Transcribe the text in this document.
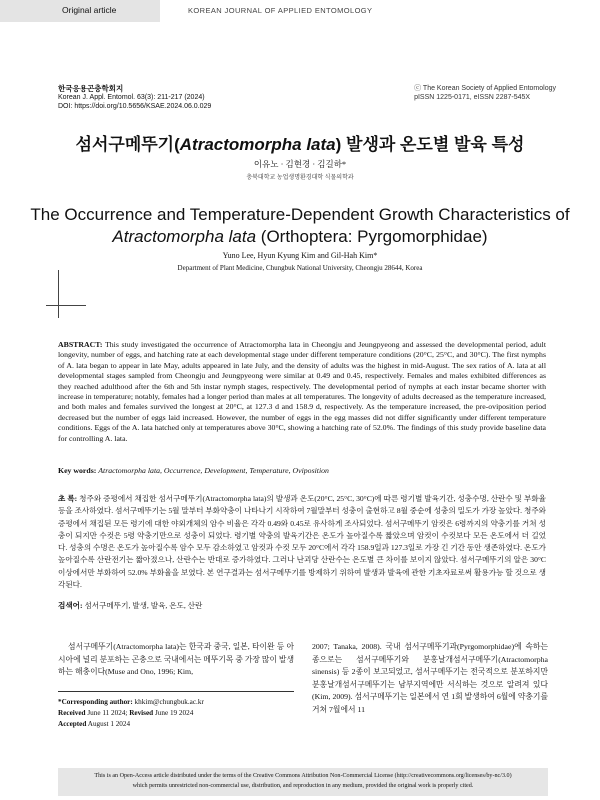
Original article	KOREAN JOURNAL OF APPLIED ENTOMOLOGY
한국응용곤충학회지
Korean J. Appl. Entomol. 63(3): 211-217 (2024)
DOI: https://doi.org/10.5656/KSAE.2024.06.0.029
ⓒ The Korean Society of Applied Entomology
pISSN 1225-0171, eISSN 2287-545X
섬서구메뚜기(Atractomorpha lata) 발생과 온도별 발육 특성
이유노 · 김현경 · 김길하*
충북대학교 농업생명환경대학 식물의학과
The Occurrence and Temperature-Dependent Growth Characteristics of
Atractomorpha lata (Orthoptera: Pyrgomorphidae)
Yuno Lee, Hyun Kyung Kim and Gil-Hah Kim*
Department of Plant Medicine, Chungbuk National University, Cheongju 28644, Korea
ABSTRACT: This study investigated the occurrence of Atractomorpha lata in Cheongju and Jeungpyeong and assessed the developmental period, adult longevity, number of eggs, and hatching rate at each developmental stage under different temperature conditions (20°C, 25°C, and 30°C). The first nymphs of A. lata began to appear in late May, adults appeared in late July, and the density of adults was the highest in mid-August. The sex ratios of A. lata at all developmental stages sampled from Cheongju and Jeungpyeong were similar at 0.49 and 0.45, respectively. Females and males exhibited differences as they reached adulthood after the 6th and 5th instar nymph stages, respectively. The developmental period of nymphs at each instar became shorter with increase in temperature; notably, females had a longer period than males at all temperatures. The longevity of adults decreased as the temperature increased, and both males and females survived the longest at 20°C, at 127.3 d and 158.9 d, respectively. As the temperature increased, the pre-oviposition period decreased but the number of eggs laid increased. However, the number of eggs in the egg masses did not differ significantly under different temperature conditions. Eggs of the A. lata hatched only at temperatures above 30°C, showing a hatching rate of 52.0%. The findings of this study provide baseline data for controlling A. lata.
Key words: Atractomorpha lata, Occurrence, Development, Temperature, Oviposition
초 록: 청주와 증평에서 채집한 섬서구메뚜기(Atractomorpha lata)의 발생과 온도(20°C, 25°C, 30°C)에 따른 령기별 발육기간, 성충수명, 산란수 및 부화율 등을 조사하였다. 섬서구메뚜기는 5월 말부터 부화약충이 나타나기 시작하여 7월말부터 성충이 출현하고 8월 중순에 성충의 밀도가 가장 높았다. 청주와 증평에서 채집된 모든 령기에 대한 야외개체의 암수 비율은 각각 0.49와 0.45로 유사하게 조사되었다. 섬서구메뚜기 암컷은 6령까지의 약충기를 거쳐 성충이 되지만 수컷은 5령 약충기만으로 성충이 되었다. 령기별 약충의 발육기간은 온도가 높아질수록 짧았으며 암컷이 수컷보다 모든 온도에서 더 길었다. 성충의 수명은 온도가 높아질수록 암수 모두 감소하였고 암컷과 수컷 모두 20°C에서 각각 158.9일과 127.3일로 가장 긴 기간 동안 생존하였다. 온도가 높아질수록 산란전기는 짧아졌으나, 산란수는 반대로 증가하였다. 그러나 난괴당 산란수는 온도별 큰 차이를 보이지 않았다. 섬서구메뚜기의 알은 30°C이상에서만 부화하여 52.0% 부화율을 보였다. 본 연구결과는 섬서구메뚜기를 방제하기 위하여 발생과 발육에 관한 기초자료로써 활용가능 할 것으로 생각된다.
검색어: 섬서구메뚜기, 발생, 발육, 온도, 산란
섬서구메뚜기(Atractomorpha lata)는 한국과 중국, 일본, 타이완 등 아시아에 널리 분포하는 곤충으로 국내에서는 메뚜기목 중 가장 많이 발생하는 해충이다(Muse and Ono, 1996; Kim,
2007; Tanaka, 2008). 국내 섬서구메뚜기과(Pyrgomorphidae)에 속하는 종으로는 섬서구메뚜기와 분홍날개섬서구메뚜기(Atractomorpha sinensis) 등 2종이 보고되었고, 섬서구메뚜기는 전국적으로 분포하지만 분홍날개섬서구메뚜기는 남부지역에만 서식하는 것으로 알려져 있다(Kim, 2009). 섬서구메뚜기는 일본에서 연 1회 발생하여 6월에 약충기를 거쳐 7월에서 11
*Corresponding author: khkim@chungbuk.ac.kr
Received June 11 2024; Revised June 19 2024
Accepted August 1 2024
This is an Open-Access article distributed under the terms of the Creative Commons Attribution Non-Commercial License (http://creativecommons.org/licenses/by-nc/3.0)
which permits unrestricted non-commercial use, distribution, and reproduction in any medium, provided the original work is properly cited.
